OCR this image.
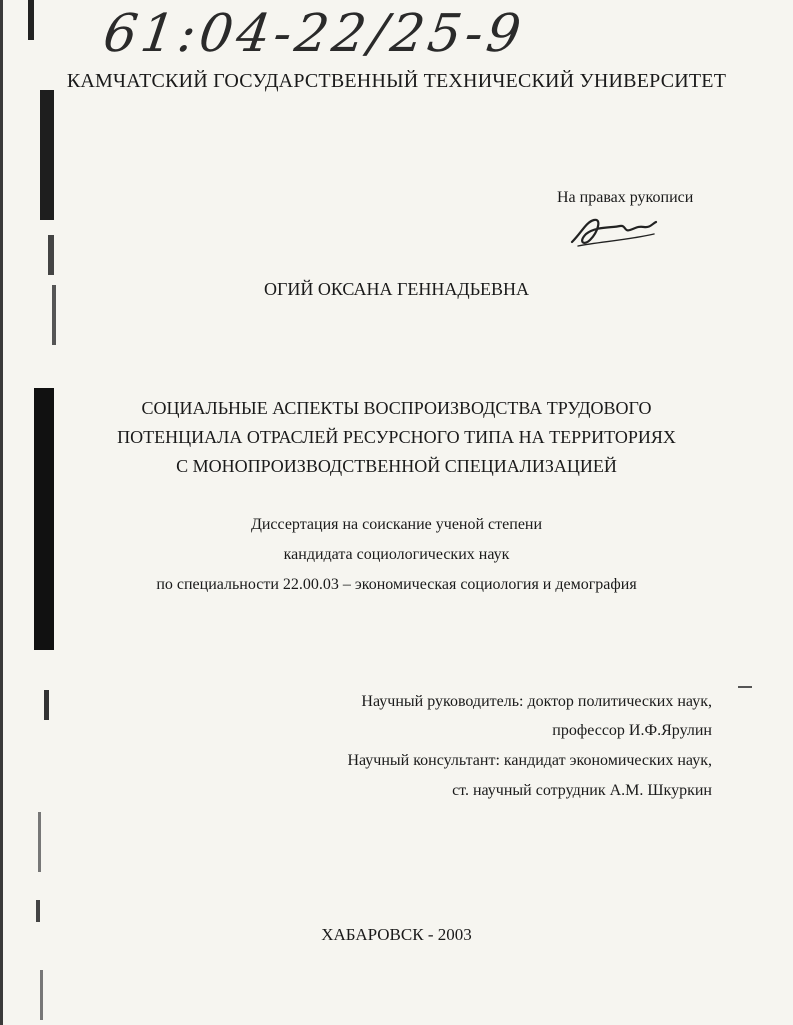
61:04-22/25-9
КАМЧАТСКИЙ ГОСУДАРСТВЕННЫЙ ТЕХНИЧЕСКИЙ УНИВЕРСИТЕТ
На правах рукописи
ОГИЙ ОКСАНА ГЕННАДЬЕВНА
СОЦИАЛЬНЫЕ АСПЕКТЫ ВОСПРОИЗВОДСТВА ТРУДОВОГО
ПОТЕНЦИАЛА ОТРАСЛЕЙ РЕСУРСНОГО ТИПА НА ТЕРРИТОРИЯХ
С МОНОПРОИЗВОДСТВЕННОЙ СПЕЦИАЛИЗАЦИЕЙ
Диссертация на соискание ученой степени
кандидата социологических наук
по специальности 22.00.03 – экономическая социология и демография
Научный руководитель: доктор политических наук,
профессор И.Ф.Ярулин
Научный консультант: кандидат экономических наук,
ст. научный сотрудник А.М. Шкуркин
ХАБАРОВСК - 2003
